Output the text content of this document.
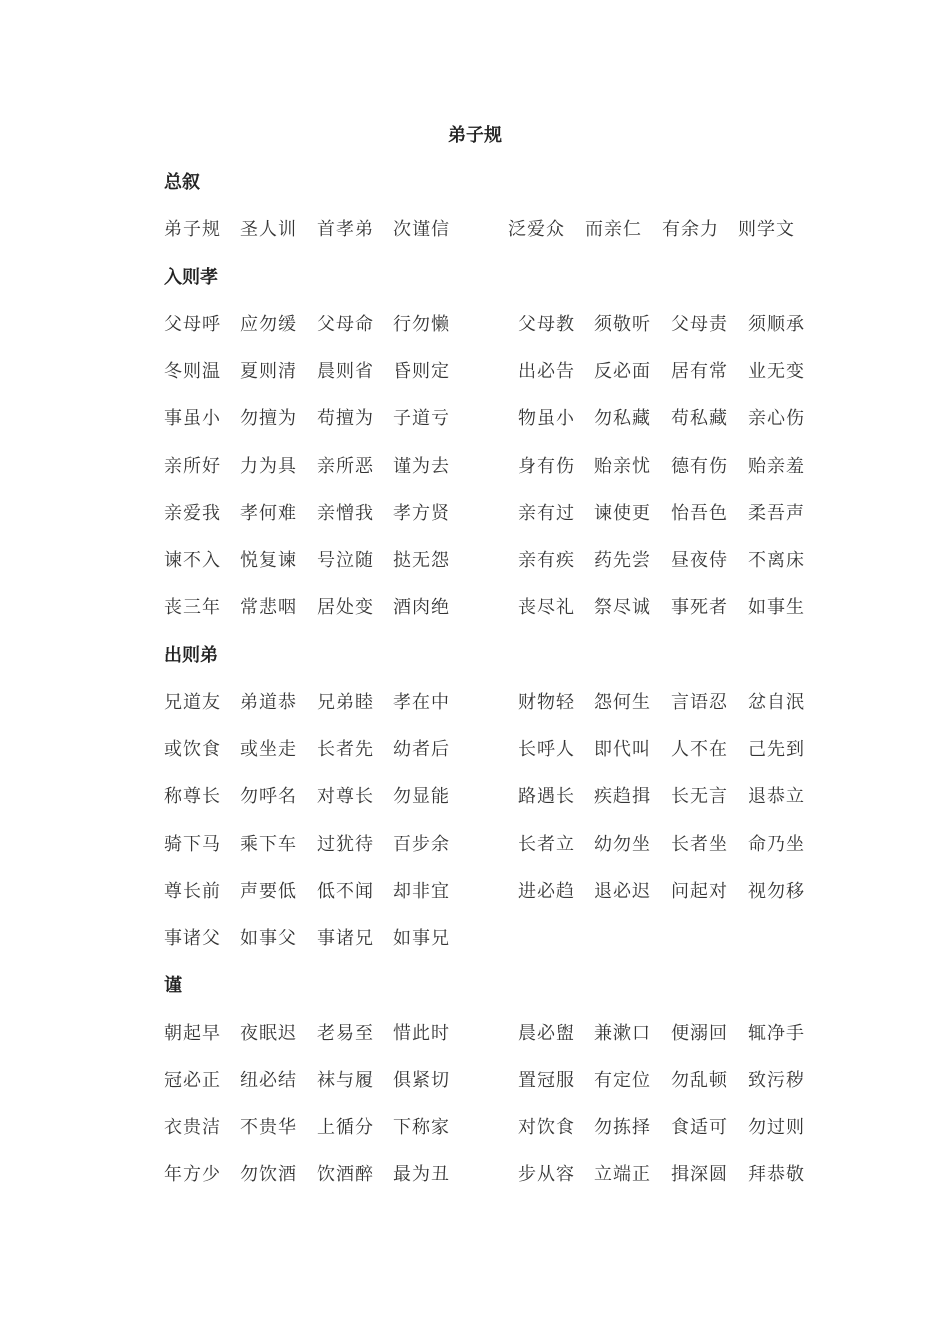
弟子规
总叙
弟子规 圣人训 首孝弟 次谨信	泛爱众 而亲仁 有余力 则学文
入则孝
父母呼 应勿缓 父母命 行勿懒	父母教 须敬听 父母责 须顺承
冬则温 夏则清 晨则省 昏则定	出必告 反必面 居有常 业无变
事虽小 勿擅为 苟擅为 子道亏	物虽小 勿私藏 苟私藏 亲心伤
亲所好 力为具 亲所恶 谨为去	身有伤 贻亲忧 德有伤 贻亲羞
亲爱我 孝何难 亲憎我 孝方贤	亲有过 谏使更 怡吾色 柔吾声
谏不入 悦复谏 号泣随 挞无怨	亲有疾 药先尝 昼夜侍 不离床
丧三年 常悲咽 居处变 酒肉绝	丧尽礼 祭尽诚 事死者 如事生
出则弟
兄道友 弟道恭 兄弟睦 孝在中	财物轻 怨何生 言语忍 忿自泯
或饮食 或坐走 长者先 幼者后	长呼人 即代叫 人不在 己先到
称尊长 勿呼名 对尊长 勿显能	路遇长 疾趋揖 长无言 退恭立
骑下马 乘下车 过犹待 百步余	长者立 幼勿坐 长者坐 命乃坐
尊长前 声要低 低不闻 却非宜	进必趋 退必迟 问起对 视勿移
事诸父 如事父 事诸兄 如事兄
谨
朝起早 夜眠迟 老易至 惜此时	晨必盥 兼漱口 便溺回 辄净手
冠必正 纽必结 袜与履 俱紧切	置冠服 有定位 勿乱顿 致污秽
衣贵洁 不贵华 上循分 下称家	对饮食 勿拣择 食适可 勿过则
年方少 勿饮酒 饮酒醉 最为丑	步从容 立端正 揖深圆 拜恭敬
